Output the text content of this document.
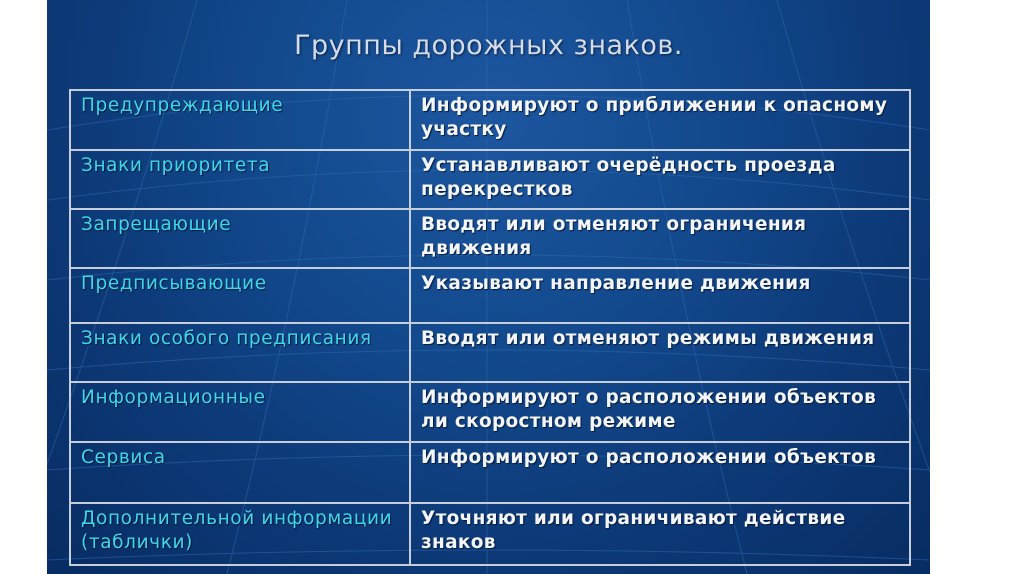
Группы дорожных знаков.
Предупреждающие	Информируют о приближении к опасному участку
Знаки приоритета	Устанавливают очерёдность проезда перекрестков
Запрещающие	Вводят или отменяют ограничения движения
Предписывающие	Указывают направление движения
Знаки особого предписания	Вводят или отменяют режимы движения
Информационные	Информируют о расположении объектов ли скоростном режиме
Сервиса	Информируют о расположении объектов
Дополнительной информации (таблички)	Уточняют или ограничивают действие знаков
